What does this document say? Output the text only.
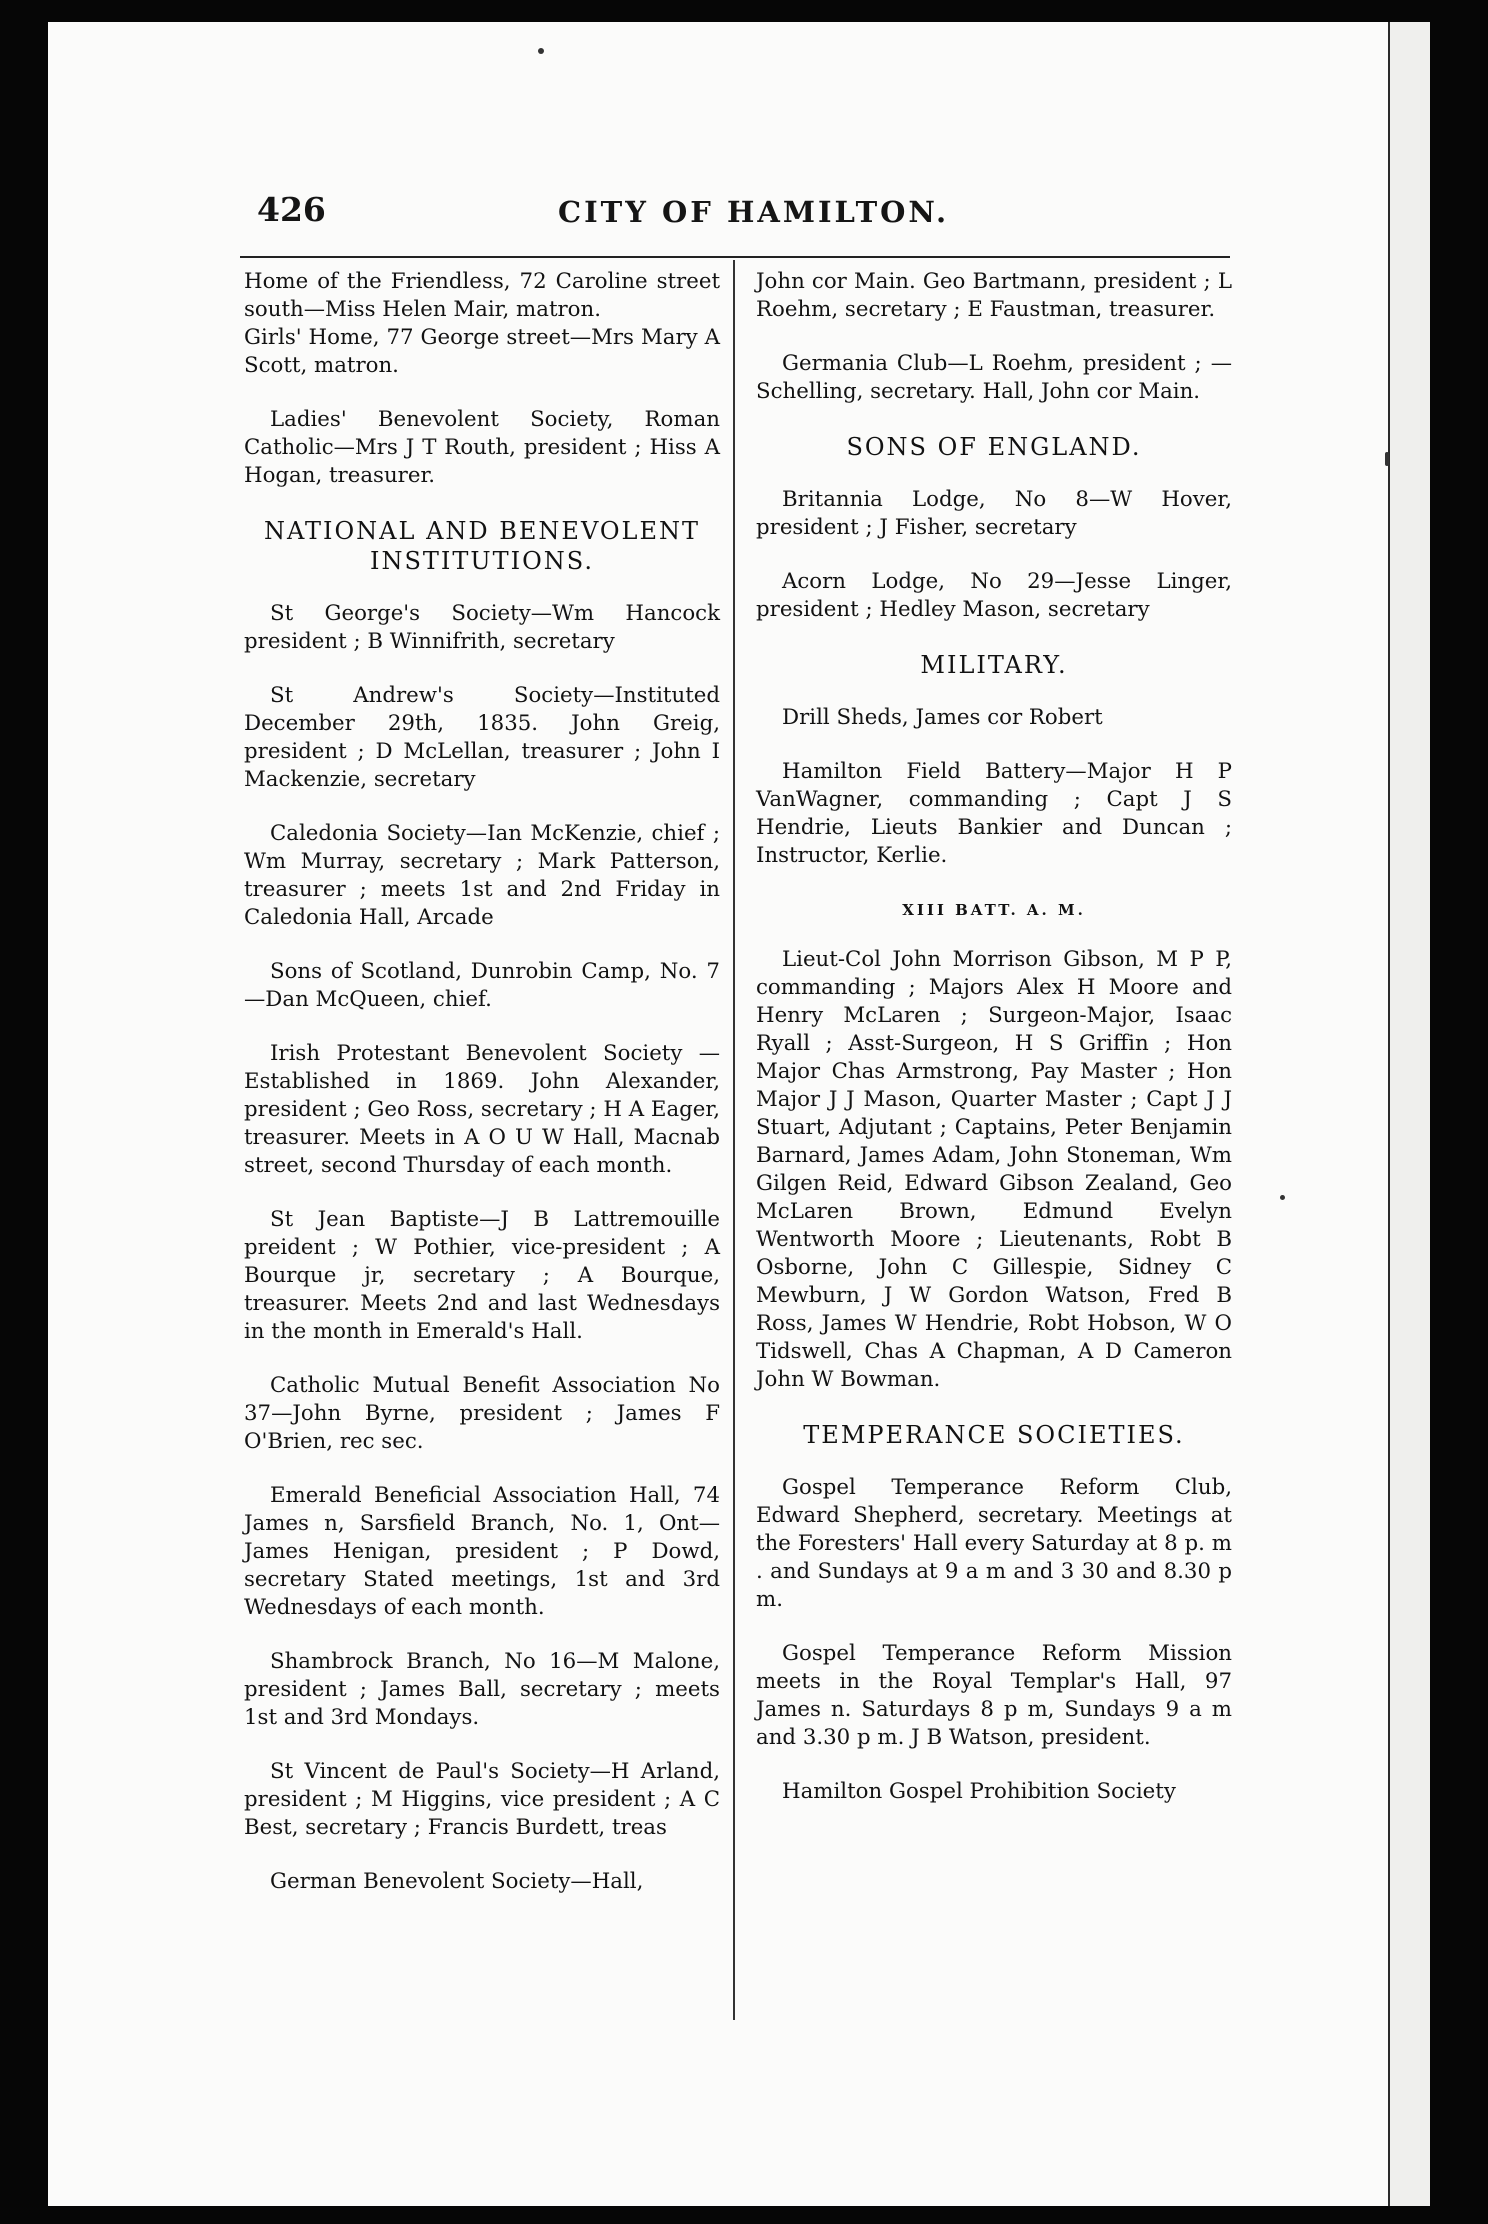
426	CITY OF HAMILTON.
Home of the Friendless, 72 Caroline street south—Miss Helen Mair, matron.
Girls' Home, 77 George street—Mrs Mary A Scott, matron.
Ladies' Benevolent Society, Roman Catholic—Mrs J T Routh, president ; Hiss A Hogan, treasurer.
NATIONAL AND BENEVOLENT
INSTITUTIONS.
St George's Society—Wm Hancock president ; B Winnifrith, secretary
St Andrew's Society—Instituted December 29th, 1835. John Greig, president ; D McLellan, treasurer ; John I Mackenzie, secretary
Caledonia Society—Ian McKenzie, chief ; Wm Murray, secretary ; Mark Patterson, treasurer ; meets 1st and 2nd Friday in Caledonia Hall, Arcade
Sons of Scotland, Dunrobin Camp, No. 7—Dan McQueen, chief.
Irish Protestant Benevolent Society —Established in 1869. John Alexander, president ; Geo Ross, secretary ; H A Eager, treasurer. Meets in A O U W Hall, Macnab street, second Thursday of each month.
St Jean Baptiste—J B Lattremouille preident ; W Pothier, vice-president ; A Bourque jr, secretary ; A Bourque, treasurer. Meets 2nd and last Wednesdays in the month in Emerald's Hall.
Catholic Mutual Benefit Association No 37—John Byrne, president ; James F O'Brien, rec sec.
Emerald Beneficial Association Hall, 74 James n, Sarsfield Branch, No. 1, Ont—James Henigan, president ; P Dowd, secretary Stated meetings, 1st and 3rd Wednesdays of each month.
Shambrock Branch, No 16—M Malone, president ; James Ball, secretary ; meets 1st and 3rd Mondays.
St Vincent de Paul's Society—H Arland, president ; M Higgins, vice president ; A C Best, secretary ; Francis Burdett, treas
German Benevolent Society—Hall,
John cor Main. Geo Bartmann, president ; L Roehm, secretary ; E Faustman, treasurer.
Germania Club—L Roehm, president ; — Schelling, secretary. Hall, John cor Main.
SONS OF ENGLAND.
Britannia Lodge, No 8—W Hover, president ; J Fisher, secretary
Acorn Lodge, No 29—Jesse Linger, president ; Hedley Mason, secretary
MILITARY.
Drill Sheds, James cor Robert
Hamilton Field Battery—Major H P VanWagner, commanding ; Capt J S Hendrie, Lieuts Bankier and Duncan ; Instructor, Kerlie.
XIII BATT. A. M.
Lieut-Col John Morrison Gibson, M P P, commanding ; Majors Alex H Moore and Henry McLaren ; Surgeon-Major, Isaac Ryall ; Asst-Surgeon, H S Griffin ; Hon Major Chas Armstrong, Pay Master ; Hon Major J J Mason, Quarter Master ; Capt J J Stuart, Adjutant ; Captains, Peter Benjamin Barnard, James Adam, John Stoneman, Wm Gilgen Reid, Edward Gibson Zealand, Geo McLaren Brown, Edmund Evelyn Wentworth Moore ; Lieutenants, Robt B Osborne, John C Gillespie, Sidney C Mewburn, J W Gordon Watson, Fred B Ross, James W Hendrie, Robt Hobson, W O Tidswell, Chas A Chapman, A D Cameron John W Bowman.
TEMPERANCE SOCIETIES.
Gospel Temperance Reform Club, Edward Shepherd, secretary. Meetings at the Foresters' Hall every Saturday at 8 p. m . and Sundays at 9 a m and 3 30 and 8.30 p m.
Gospel Temperance Reform Mission meets in the Royal Templar's Hall, 97 James n. Saturdays 8 p m, Sundays 9 a m and 3.30 p m. J B Watson, president.
Hamilton Gospel Prohibition Society
